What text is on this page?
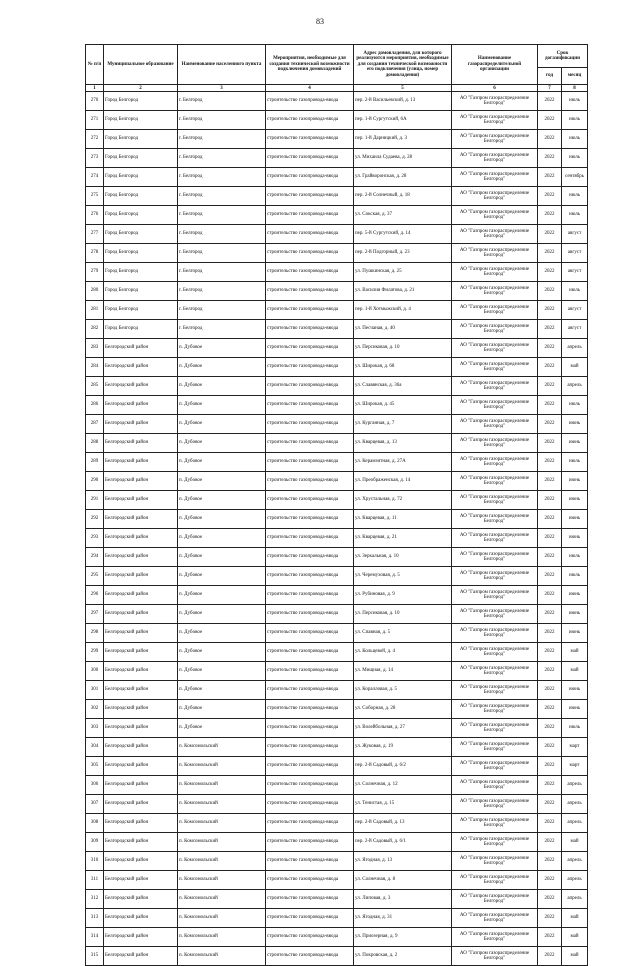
83
№ п/п	Муниципальное образование	Наименование населенного пункта	Мероприятия, необходимые для создания технической возможности подключения домовладений	Адрес домовладения, для которого реализуются мероприятия, необходимые для создания технической возможности его подключения (улица, номер домовладения)	Наименование газораспределительной организации	Срок догазификации	
						год	месяц
1	2	3	4	5	6	7	8
270	Город Белгород	г. Белгород	строительство газопровода-ввода	пер. 2-й Васильевский, д. 13	АО "Газпром газораспределение Белгород"	2022	июль
271	Город Белгород	г. Белгород	строительство газопровода-ввода	пер. 1-й Сургутский, 6А	АО "Газпром газораспределение Белгород"	2022	июль
272	Город Белгород	г. Белгород	строительство газопровода-ввода	пер. 1-й Дарницкий, д. 3	АО "Газпром газораспределение Белгород"	2022	июль
273	Город Белгород	г. Белгород	строительство газопровода-ввода	ул. Михаила Судаева, д. 28	АО "Газпром газораспределение Белгород"	2022	июль
274	Город Белгород	г. Белгород	строительство газопровода-ввода	ул. Грайворонская, д. 28	АО "Газпром газораспределение Белгород"	2022	сентябрь
275	Город Белгород	г. Белгород	строительство газопровода-ввода	пер. 2-й Солнечный, д. 18	АО "Газпром газораспределение Белгород"	2022	июль
276	Город Белгород	г. Белгород	строительство газопровода-ввода	ул. Сокская, д. 37	АО "Газпром газораспределение Белгород"	2022	июль
277	Город Белгород	г. Белгород	строительство газопровода-ввода	пер. 5-й Сургутский, д. 14	АО "Газпром газораспределение Белгород"	2022	август
278	Город Белгород	г. Белгород	строительство газопровода-ввода	пер. 2-й Подгорный, д. 23	АО "Газпром газораспределение Белгород"	2022	август
279	Город Белгород	г. Белгород	строительство газопровода-ввода	ул. Пушкинская, д. 25	АО "Газпром газораспределение Белгород"	2022	август
280	Город Белгород	г. Белгород	строительство газопровода-ввода	ул. Василия Филатова, д. 21	АО "Газпром газораспределение Белгород"	2022	июль
281	Город Белгород	г. Белгород	строительство газопровода-ввода	пер. 1-й Хотмыжский, д. 4	АО "Газпром газораспределение Белгород"	2022	август
282	Город Белгород	г. Белгород	строительство газопровода-ввода	ул. Песчаная, д. 40	АО "Газпром газораспределение Белгород"	2022	август
283	Белгородский район	п. Дубовое	строительство газопровода-ввода	ул. Персиковая, д. 10	АО "Газпром газораспределение Белгород"	2022	апрель
284	Белгородский район	п. Дубовое	строительство газопровода-ввода	ул. Широкая, д. 68	АО "Газпром газораспределение Белгород"	2022	май
285	Белгородский район	п. Дубовое	строительство газопровода-ввода	ул. Славянская, д. 36а	АО "Газпром газораспределение Белгород"	2022	апрель
286	Белгородский район	п. Дубовое	строительство газопровода-ввода	ул. Широкая, д. 45	АО "Газпром газораспределение Белгород"	2022	июль
287	Белгородский район	п. Дубовое	строительство газопровода-ввода	ул. Курганная, д. 7	АО "Газпром газораспределение Белгород"	2022	июнь
288	Белгородский район	п. Дубовое	строительство газопровода-ввода	ул. Кварцевая, д. 13	АО "Газпром газораспределение Белгород"	2022	июнь
289	Белгородский район	п. Дубовое	строительство газопровода-ввода	ул. Керамзитная, д. 27А	АО "Газпром газораспределение Белгород"	2022	июль
290	Белгородский район	п. Дубовое	строительство газопровода-ввода	ул. Преображенская, д. 14	АО "Газпром газораспределение Белгород"	2022	июнь
291	Белгородский район	п. Дубовое	строительство газопровода-ввода	ул. Хрустальная, д. 72	АО "Газпром газораспределение Белгород"	2022	июнь
292	Белгородский район	п. Дубовое	строительство газопровода-ввода	ул. Кварцевая, д. 11	АО "Газпром газораспределение Белгород"	2022	июнь
293	Белгородский район	п. Дубовое	строительство газопровода-ввода	ул. Кварцевая, д. 21	АО "Газпром газораспределение Белгород"	2022	июнь
294	Белгородский район	п. Дубовое	строительство газопровода-ввода	ул. Зеркальная, д. 10	АО "Газпром газораспределение Белгород"	2022	июль
295	Белгородский район	п. Дубовое	строительство газопровода-ввода	ул. Черемуховая, д. 5	АО "Газпром газораспределение Белгород"	2022	июль
296	Белгородский район	п. Дубовое	строительство газопровода-ввода	ул. Рубиновая, д. 9	АО "Газпром газораспределение Белгород"	2022	июнь
297	Белгородский район	п. Дубовое	строительство газопровода-ввода	ул. Персиковая, д. 10	АО "Газпром газораспределение Белгород"	2022	июнь
298	Белгородский район	п. Дубовое	строительство газопровода-ввода	ул. Спавная, д. 5	АО "Газпром газораспределение Белгород"	2022	июнь
299	Белгородский район	п. Дубовое	строительство газопровода-ввода	ул. Кольцевой, д. 4	АО "Газпром газораспределение Белгород"	2022	май
300	Белгородский район	п. Дубовое	строительство газопровода-ввода	ул. Мищная, д. 14	АО "Газпром газораспределение Белгород"	2022	май
301	Белгородский район	п. Дубовое	строительство газопровода-ввода	ул. Коралловая, д. 5	АО "Газпром газораспределение Белгород"	2022	июнь
302	Белгородский район	п. Дубовое	строительство газопровода-ввода	ул. Соборная, д. 28	АО "Газпром газораспределение Белгород"	2022	июнь
303	Белгородский район	п. Дубовое	строительство газопровода-ввода	ул. Волейбольная, д. 27	АО "Газпром газораспределение Белгород"	2022	июль
304	Белгородский район	п. Комсомольский	строительство газопровода-ввода	ул. Жуковая, д. 19	АО "Газпром газораспределение Белгород"	2022	март
305	Белгородский район	п. Комсомольский	строительство газопровода-ввода	пер. 2-й Садовый, д. 6/2	АО "Газпром газораспределение Белгород"	2022	март
306	Белгородский район	п. Комсомольский	строительство газопровода-ввода	ул. Солнечная, д. 12	АО "Газпром газораспределение Белгород"	2022	апрель
307	Белгородский район	п. Комсомольский	строительство газопровода-ввода	ул. Тенистая, д. 15	АО "Газпром газораспределение Белгород"	2022	апрель
308	Белгородский район	п. Комсомольский	строительство газопровода-ввода	пер. 2-й Садовый, д. 13	АО "Газпром газораспределение Белгород"	2022	апрель
309	Белгородский район	п. Комсомольский	строительство газопровода-ввода	пер. 2-й Садовый, д. 6/1	АО "Газпром газораспределение Белгород"	2022	май
310	Белгородский район	п. Комсомольский	строительство газопровода-ввода	ул. Ягодная, д. 13	АО "Газпром газораспределение Белгород"	2022	апрель
311	Белгородский район	п. Комсомольский	строительство газопровода-ввода	ул. Солнечная, д. 8	АО "Газпром газораспределение Белгород"	2022	апрель
312	Белгородский район	п. Комсомольский	строительство газопровода-ввода	ул. Липовая, д. 3	АО "Газпром газораспределение Белгород"	2022	апрель
313	Белгородский район	п. Комсомольский	строительство газопровода-ввода	ул. Ягодная, д. 31	АО "Газпром газораспределение Белгород"	2022	май
314	Белгородский район	п. Комсомольский	строительство газопровода-ввода	ул. Приозерная, д. 9	АО "Газпром газораспределение Белгород"	2022	май
315	Белгородский район	п. Комсомольский	строительство газопровода-ввода	ул. Покровская, д. 2	АО "Газпром газораспределение Белгород"	2022	май
